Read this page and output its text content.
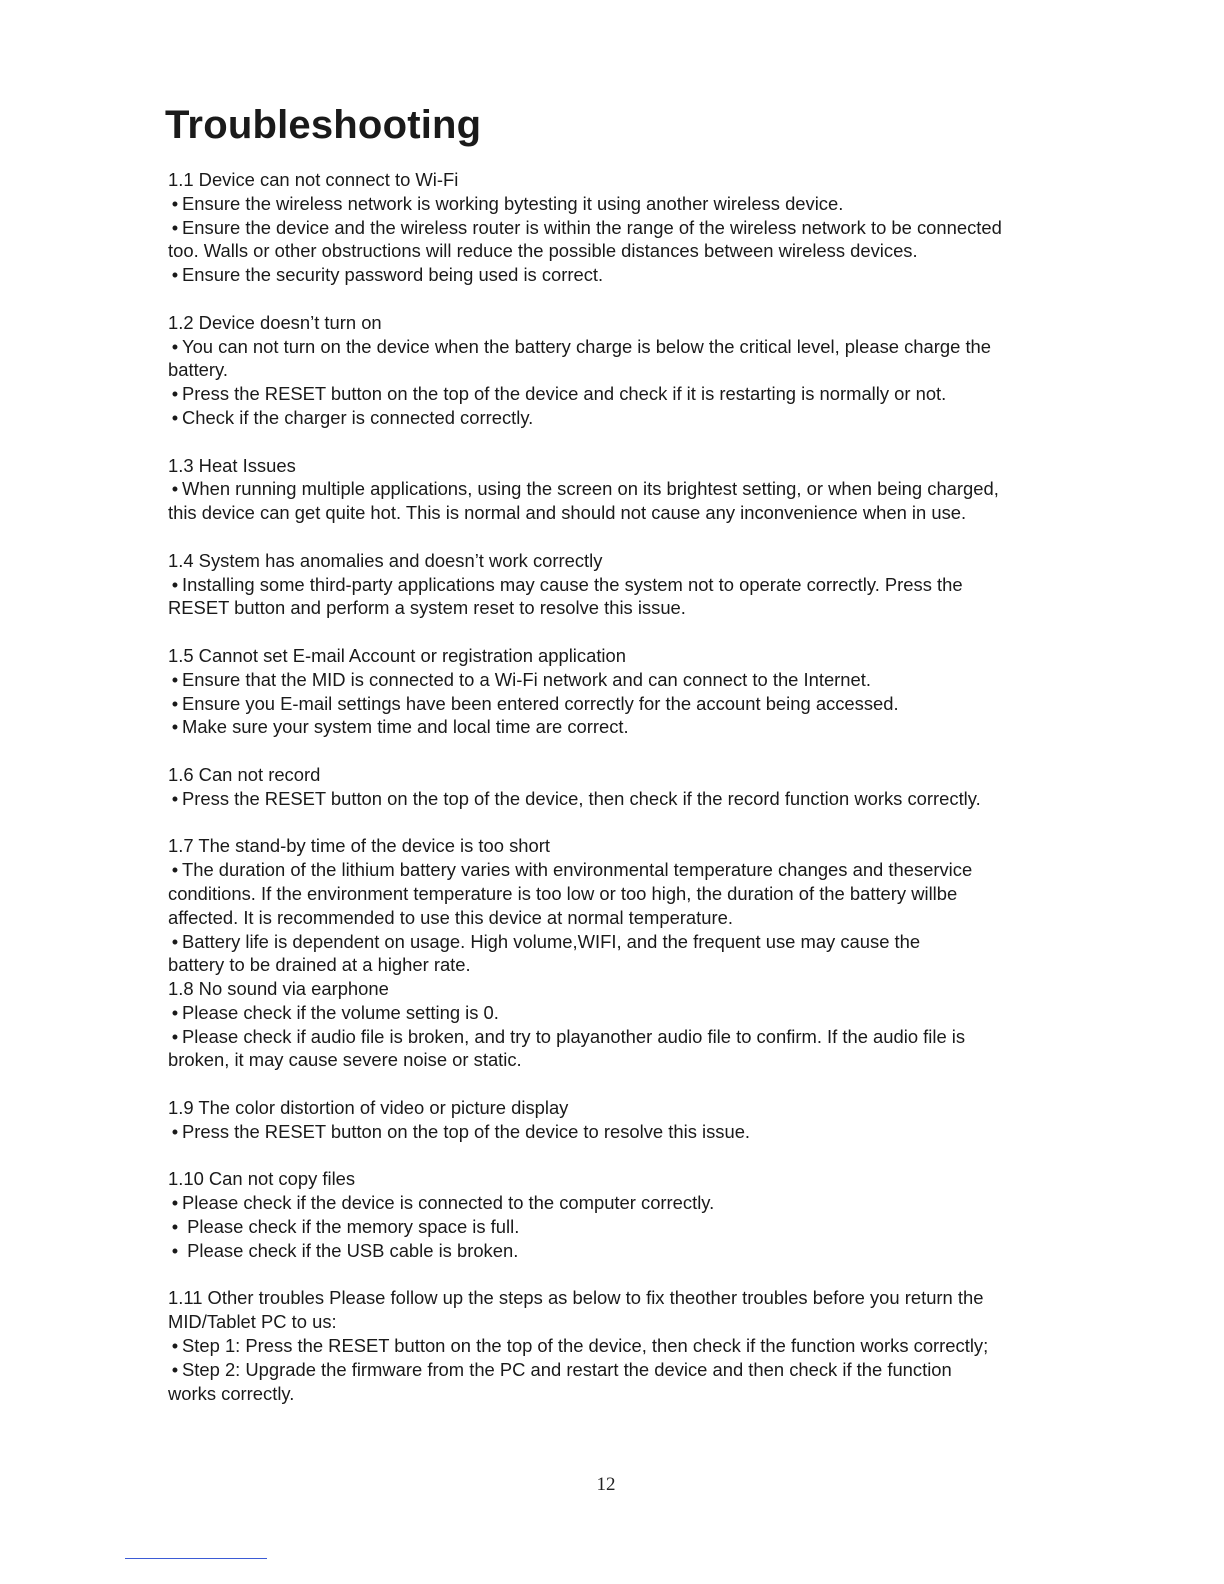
Troubleshooting

1.1 Device can not connect to Wi-Fi

• Ensure the wireless network is working bytesting it using another wireless device.

• Ensure the device and the wireless router is within the range of the wireless network to be connected

too. Walls or other obstructions will reduce the possible distances between wireless devices.

• Ensure the security password being used is correct.

1.2 Device doesn’t turn on

• You can not turn on the device when the battery charge is below the critical level, please charge the

battery.

• Press the RESET button on the top of the device and check if it is restarting is normally or not.

• Check if the charger is connected correctly.

1.3 Heat Issues

• When running multiple applications, using the screen on its brightest setting, or when being charged,

this device can get quite hot. This is normal and should not cause any inconvenience when in use.

1.4 System has anomalies and doesn’t work correctly

• Installing some third-party applications may cause the system not to operate correctly. Press the

RESET button and perform a system reset to resolve this issue.

1.5 Cannot set E-mail Account or registration application

• Ensure that the MID is connected to a Wi-Fi network and can connect to the Internet.

• Ensure you E-mail settings have been entered correctly for the account being accessed.

• Make sure your system time and local time are correct.

1.6 Can not record

• Press the RESET button on the top of the device, then check if the record function works correctly.

1.7 The stand-by time of the device is too short

• The duration of the lithium battery varies with environmental temperature changes and theservice

conditions. If the environment temperature is too low or too high, the duration of the battery willbe

affected. It is recommended to use this device at normal temperature.

• Battery life is dependent on usage. High volume,WIFI, and the frequent use may cause the

battery to be drained at a higher rate.

1.8 No sound via earphone

• Please check if the volume setting is 0.

• Please check if audio file is broken, and try to playanother audio file to confirm. If the audio file is

broken, it may cause severe noise or static.

1.9 The color distortion of video or picture display

• Press the RESET button on the top of the device to resolve this issue.

1.10 Can not copy files

• Please check if the device is connected to the computer correctly.

• Please check if the memory space is full.

• Please check if the USB cable is broken.

1.11 Other troubles Please follow up the steps as below to fix theother troubles before you return the

MID/Tablet PC to us:

• Step 1: Press the RESET button on the top of the device, then check if the function works correctly;

• Step 2: Upgrade the firmware from the PC and restart the device and then check if the function

works correctly.

12
